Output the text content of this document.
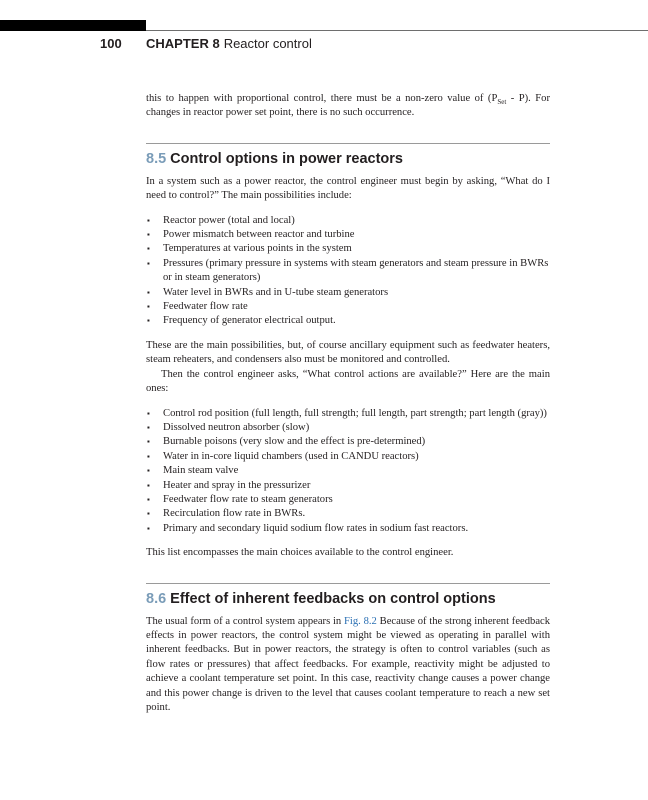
100 CHAPTER 8 Reactor control

this to happen with proportional control, there must be a non-zero value of $(P_{Set} - P)$. For changes in reactor power set point, there is no such occurrence.

8.5 Control options in power reactors

In a system such as a power reactor, the control engineer must begin by asking, “What do I need to control?” The main possibilities include:

▪ Reactor power (total and local)
▪ Power mismatch between reactor and turbine
▪ Temperatures at various points in the system
▪ Pressures (primary pressure in systems with steam generators and steam pressure in BWRs or in steam generators)
▪ Water level in BWRs and in U-tube steam generators
▪ Feedwater flow rate
▪ Frequency of generator electrical output.

These are the main possibilities, but, of course ancillary equipment such as feedwater heaters, steam reheaters, and condensers also must be monitored and controlled.

Then the control engineer asks, “What control actions are available?” Here are the main ones:

▪ Control rod position (full length, full strength; full length, part strength; part length (gray))
▪ Dissolved neutron absorber (slow)
▪ Burnable poisons (very slow and the effect is pre-determined)
▪ Water in in-core liquid chambers (used in CANDU reactors)
▪ Main steam valve
▪ Heater and spray in the pressurizer
▪ Feedwater flow rate to steam generators
▪ Recirculation flow rate in BWRs.
▪ Primary and secondary liquid sodium flow rates in sodium fast reactors.

This list encompasses the main choices available to the control engineer.

8.6 Effect of inherent feedbacks on control options

The usual form of a control system appears in Fig. 8.2 Because of the strong inherent feedback effects in power reactors, the control system might be viewed as operating in parallel with inherent feedbacks. But in power reactors, the strategy is often to control variables (such as flow rates or pressures) that affect feedbacks. For example, reactivity might be adjusted to achieve a coolant temperature set point. In this case, reactivity change causes a power change and this power change is driven to the level that causes coolant temperature to reach a new set point.
